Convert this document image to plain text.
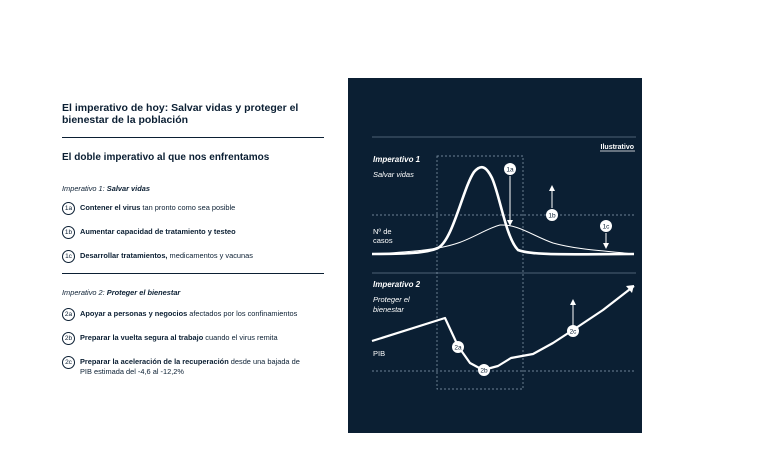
El imperativo de hoy: Salvar vidas y proteger el bienestar de la población
El doble imperativo al que nos enfrentamos
Imperativo 1: Salvar vidas
1a	Contener el virus tan pronto como sea posible
1b	Aumentar capacidad de tratamiento y testeo
1c	Desarrollar tratamientos, medicamentos y vacunas
Imperativo 2: Proteger el bienestar
2a	Apoyar a personas y negocios afectados por los confinamientos
2b	Preparar la vuelta segura al trabajo cuando el virus remita
2c	Preparar la aceleración de la recuperación desde una bajada de PIB estimada del -4,6 al -12,2%
Ilustrativo
Imperativo 1
Salvar vidas
Nº de
casos
1a
1b
1c
Imperativo 2
Proteger el
bienestar
PIB
2a
2b
2c
